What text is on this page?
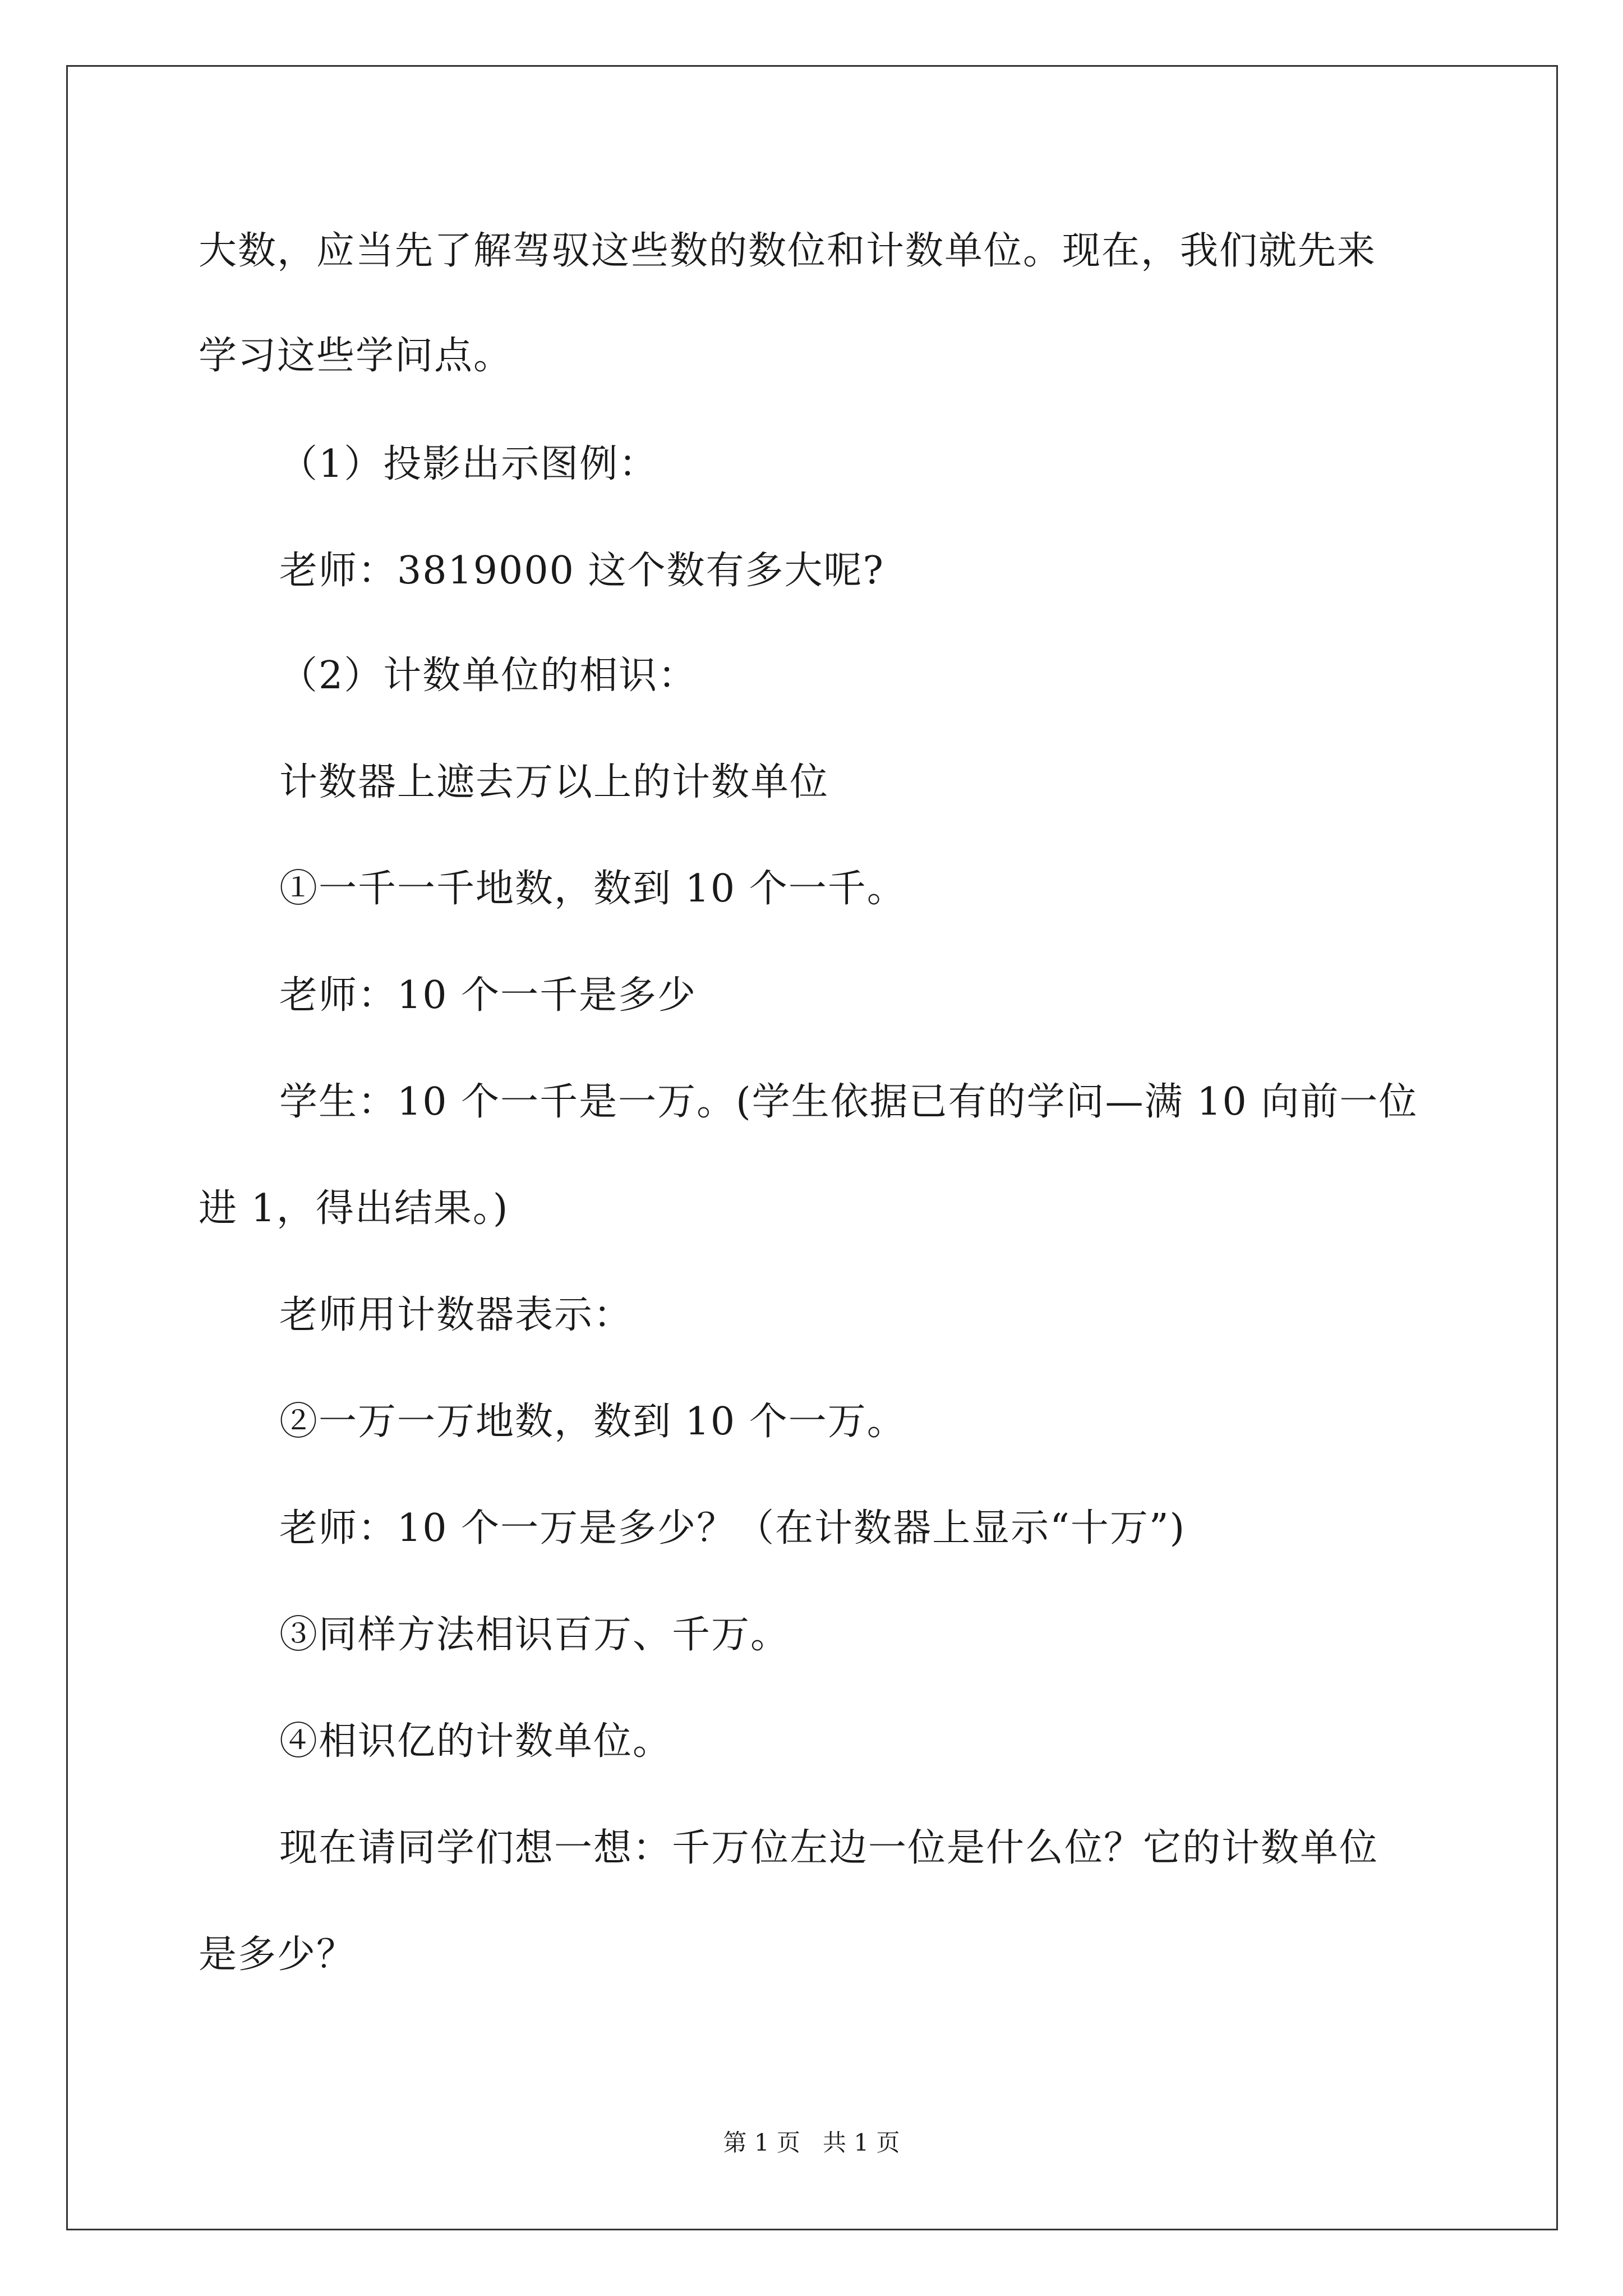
大数，应当先了解驾驭这些数的数位和计数单位。现在，我们就先来
学习这些学问点。
（1）投影出示图例：
老师：3819000 这个数有多大呢?
（2）计数单位的相识：
计数器上遮去万以上的计数单位
①一千一千地数，数到 10 个一千。
老师：10 个一千是多少
学生：10 个一千是一万。(学生依据已有的学问—满 10 向前一位
进 1，得出结果。)
老师用计数器表示：
②一万一万地数，数到 10 个一万。
老师：10 个一万是多少？（在计数器上显示“十万”)
③同样方法相识百万、千万。
④相识亿的计数单位。
现在请同学们想一想：千万位左边一位是什么位？它的计数单位
是多少？
第 1 页   共 1 页
